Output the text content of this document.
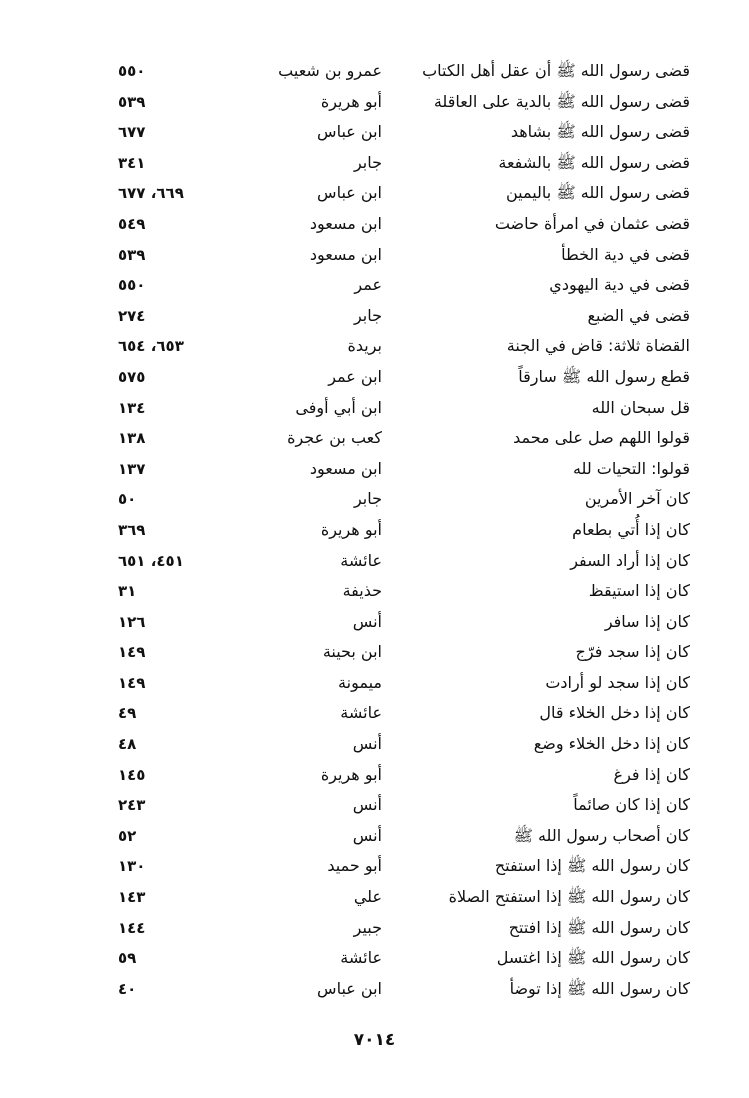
قضى رسول الله ﷺ أن عقل أهل الكتاب
عمرو بن شعيب
٥٥٠
قضى رسول الله ﷺ بالدية على العاقلة
أبو هريرة
٥٣٩
قضى رسول الله ﷺ بشاهد
ابن عباس
٦٧٧
قضى رسول الله ﷺ بالشفعة
جابر
٣٤١
قضى رسول الله ﷺ باليمين
ابن عباس
٦٦٩، ٦٧٧
قضى عثمان في امرأة حاضت
ابن مسعود
٥٤٩
قضى في دية الخطأ
ابن مسعود
٥٣٩
قضى في دية اليهودي
عمر
٥٥٠
قضى في الضبع
جابر
٢٧٤
القضاة ثلاثة: قاض في الجنة
بريدة
٦٥٣، ٦٥٤
قطع رسول الله ﷺ سارقاً
ابن عمر
٥٧٥
قل سبحان الله
ابن أبي أوفى
١٣٤
قولوا اللهم صل على محمد
كعب بن عجرة
١٣٨
قولوا: التحيات لله
ابن مسعود
١٣٧
كان آخر الأمرين
جابر
٥٠
كان إذا أُتي بطعام
أبو هريرة
٣٦٩
كان إذا أراد السفر
عائشة
٤٥١، ٦٥١
كان إذا استيقظ
حذيفة
٣١
كان إذا سافر
أنس
١٢٦
كان إذا سجد فرّج
ابن بحينة
١٤٩
كان إذا سجد لو أرادت
ميمونة
١٤٩
كان إذا دخل الخلاء قال
عائشة
٤٩
كان إذا دخل الخلاء وضع
أنس
٤٨
كان إذا فرغ
أبو هريرة
١٤٥
كان إذا كان صائماً
أنس
٢٤٣
كان أصحاب رسول الله ﷺ
أنس
٥٢
كان رسول الله ﷺ إذا استفتح
أبو حميد
١٣٠
كان رسول الله ﷺ إذا استفتح الصلاة
علي
١٤٣
كان رسول الله ﷺ إذا افتتح
جبير
١٤٤
كان رسول الله ﷺ إذا اغتسل
عائشة
٥٩
كان رسول الله ﷺ إذا توضأ
ابن عباس
٤٠
٧٠١٤
